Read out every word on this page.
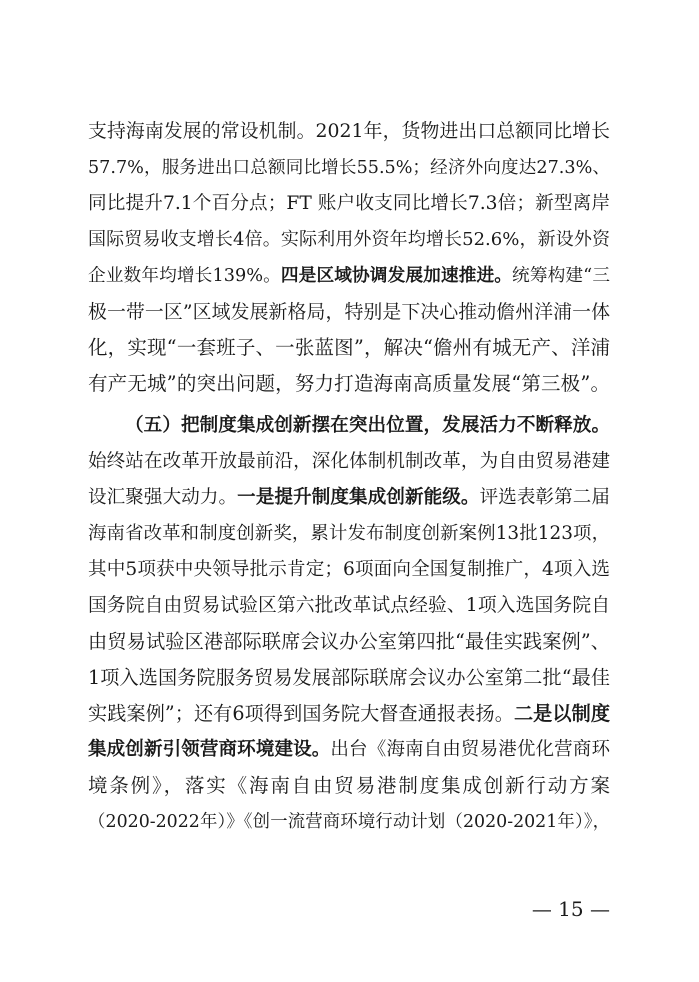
支持海南发展的常设机制。2021年，货物进出口总额同比增长
57.7%，服务进出口总额同比增长55.5%；经济外向度达27.3%、
同比提升7.1个百分点；FT 账户收支同比增长7.3倍；新型离岸
国际贸易收支增长4倍。实际利用外资年均增长52.6%，新设外资
企业数年均增长139%。四是区域协调发展加速推进。统筹构建“三
极一带一区”区域发展新格局，特别是下决心推动儋州洋浦一体
化，实现“一套班子、一张蓝图”，解决“儋州有城无产、洋浦
有产无城”的突出问题，努力打造海南高质量发展“第三极”。
（五）把制度集成创新摆在突出位置，发展活力不断释放。
始终站在改革开放最前沿，深化体制机制改革，为自由贸易港建
设汇聚强大动力。一是提升制度集成创新能级。评选表彰第二届
海南省改革和制度创新奖，累计发布制度创新案例13批123项，
其中5项获中央领导批示肯定；6项面向全国复制推广，4项入选
国务院自由贸易试验区第六批改革试点经验、1项入选国务院自
由贸易试验区港部际联席会议办公室第四批“最佳实践案例”、
1项入选国务院服务贸易发展部际联席会议办公室第二批“最佳
实践案例”；还有6项得到国务院大督查通报表扬。二是以制度
集成创新引领营商环境建设。出台《海南自由贸易港优化营商环
境条例》，落实《海南自由贸易港制度集成创新行动方案
（2020-2022年）》《创一流营商环境行动计划（2020-2021年）》，
— 15 —
